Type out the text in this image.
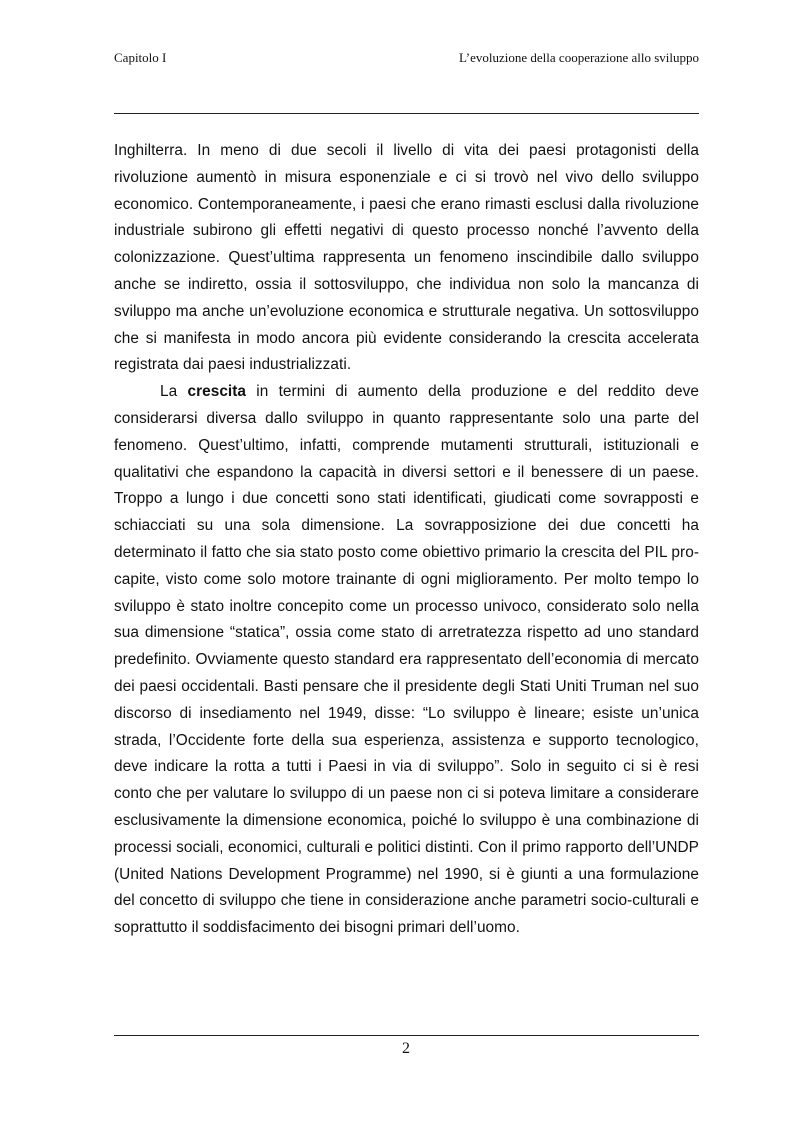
Capitolo I	L’evoluzione della cooperazione allo sviluppo

Inghilterra. In meno di due secoli il livello di vita dei paesi protagonisti della rivoluzione aumentò in misura esponenziale e ci si trovò nel vivo dello sviluppo economico. Contemporaneamente, i paesi che erano rimasti esclusi dalla rivoluzione industriale subirono gli effetti negativi di questo processo nonché l’avvento della colonizzazione. Quest’ultima rappresenta un fenomeno inscindibile dallo sviluppo anche se indiretto, ossia il sottosviluppo, che individua non solo la mancanza di sviluppo ma anche un’evoluzione economica e strutturale negativa. Un sottosviluppo che si manifesta in modo ancora più evidente considerando la crescita accelerata registrata dai paesi industrializzati.

La crescita in termini di aumento della produzione e del reddito deve considerarsi diversa dallo sviluppo in quanto rappresentante solo una parte del fenomeno. Quest’ultimo, infatti, comprende mutamenti strutturali, istituzionali e qualitativi che espandono la capacità in diversi settori e il benessere di un paese. Troppo a lungo i due concetti sono stati identificati, giudicati come sovrapposti e schiacciati su una sola dimensione. La sovrapposizione dei due concetti ha determinato il fatto che sia stato posto come obiettivo primario la crescita del PIL pro-capite, visto come solo motore trainante di ogni miglioramento. Per molto tempo lo sviluppo è stato inoltre concepito come un processo univoco, considerato solo nella sua dimensione “statica”, ossia come stato di arretratezza rispetto ad uno standard predefinito. Ovviamente questo standard era rappresentato dell’economia di mercato dei paesi occidentali. Basti pensare che il presidente degli Stati Uniti Truman nel suo discorso di insediamento nel 1949, disse: “Lo sviluppo è lineare; esiste un’unica strada, l’Occidente forte della sua esperienza, assistenza e supporto tecnologico, deve indicare la rotta a tutti i Paesi in via di sviluppo”. Solo in seguito ci si è resi conto che per valutare lo sviluppo di un paese non ci si poteva limitare a considerare esclusivamente la dimensione economica, poiché lo sviluppo è una combinazione di processi sociali, economici, culturali e politici distinti. Con il primo rapporto dell’UNDP (United Nations Development Programme) nel 1990, si è giunti a una formulazione del concetto di sviluppo che tiene in considerazione anche parametri socio-culturali e soprattutto il soddisfacimento dei bisogni primari dell’uomo.

2
